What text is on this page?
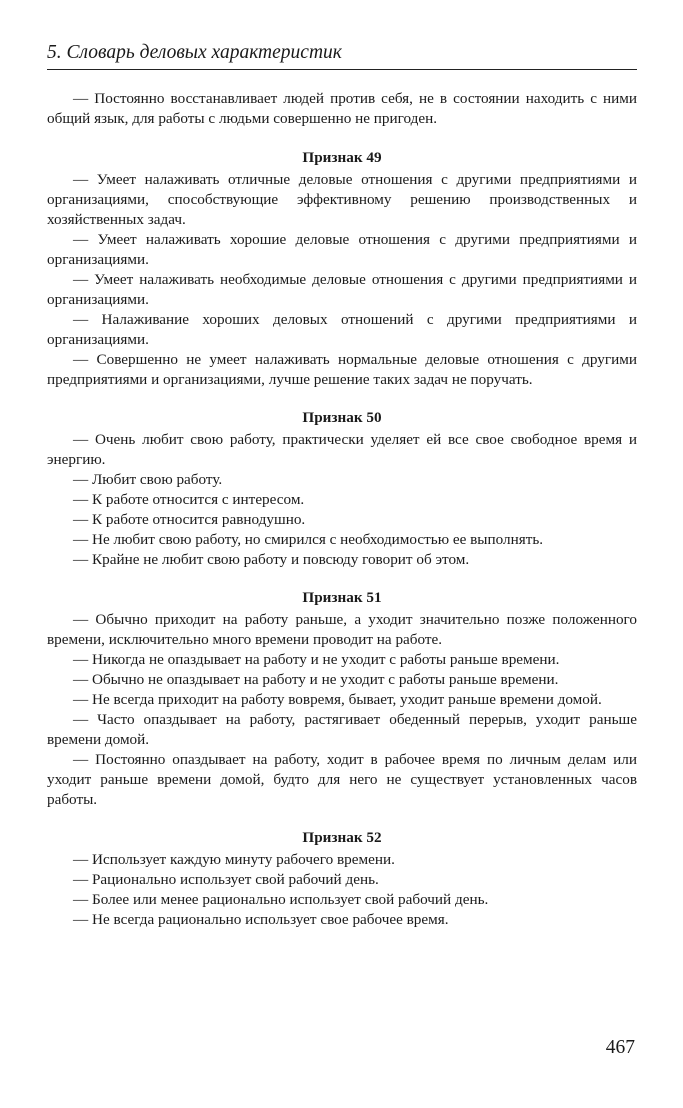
5. Словарь деловых характеристик

— Постоянно восстанавливает людей против себя, не в состоянии находить с ними общий язык, для работы с людьми совершенно не пригоден.

Признак 49

— Умеет налаживать отличные деловые отношения с другими предприятиями и организациями, способствующие эффективному решению производственных и хозяйственных задач.

— Умеет налаживать хорошие деловые отношения с другими предприятиями и организациями.

— Умеет налаживать необходимые деловые отношения с другими предприятиями и организациями.

— Налаживание хороших деловых отношений с другими предприятиями и организациями.

— Совершенно не умеет налаживать нормальные деловые отношения с другими предприятиями и организациями, лучше решение таких задач не поручать.

Признак 50

— Очень любит свою работу, практически уделяет ей все свое свободное время и энергию.

— Любит свою работу.

— К работе относится с интересом.

— К работе относится равнодушно.

— Не любит свою работу, но смирился с необходимостью ее выполнять.

— Крайне не любит свою работу и повсюду говорит об этом.

Признак 51

— Обычно приходит на работу раньше, а уходит значительно позже положенного времени, исключительно много времени проводит на работе.

— Никогда не опаздывает на работу и не уходит с работы раньше времени.

— Обычно не опаздывает на работу и не уходит с работы раньше времени.

— Не всегда приходит на работу вовремя, бывает, уходит раньше времени домой.

— Часто опаздывает на работу, растягивает обеденный перерыв, уходит раньше времени домой.

— Постоянно опаздывает на работу, ходит в рабочее время по личным делам или уходит раньше времени домой, будто для него не существует установленных часов работы.

Признак 52

— Использует каждую минуту рабочего времени.

— Рационально использует свой рабочий день.

— Более или менее рационально использует свой рабочий день.

— Не всегда рационально использует свое рабочее время.

467
